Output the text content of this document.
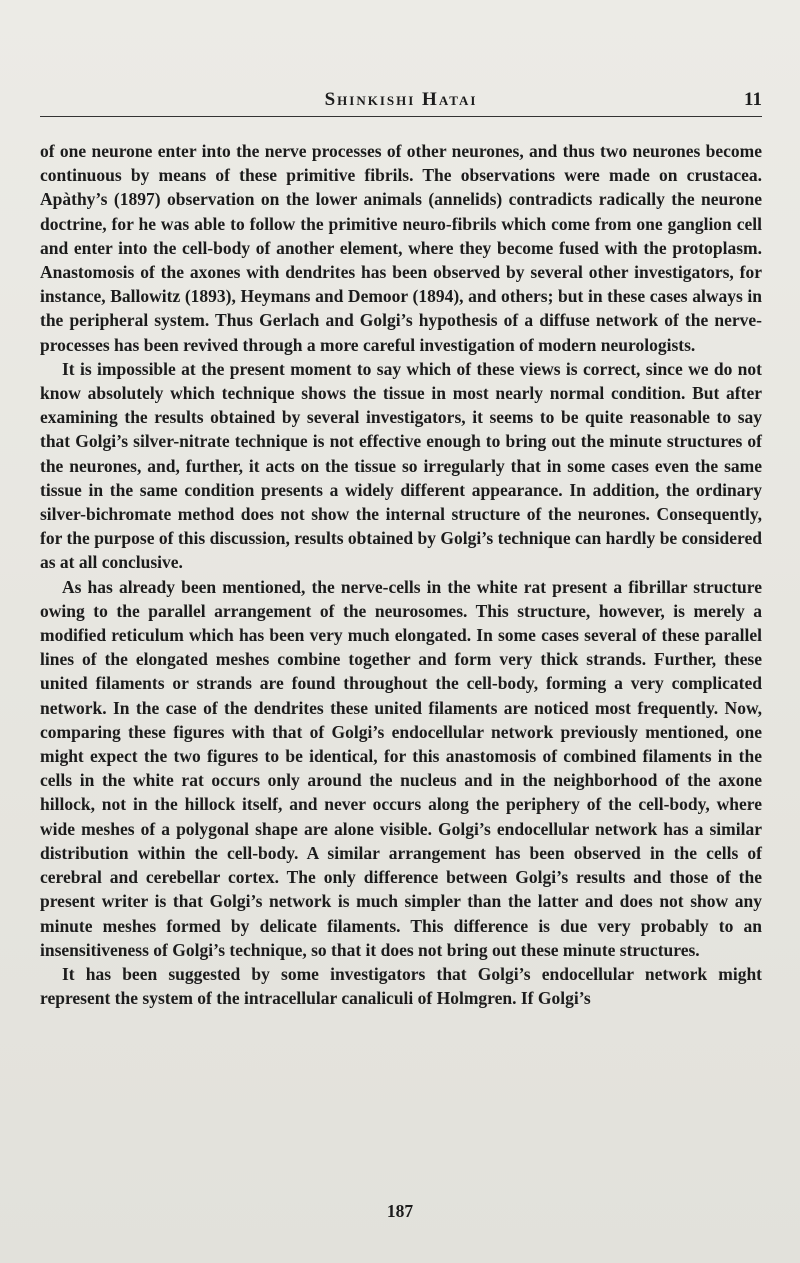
Shinkishi Hatai	11

of one neurone enter into the nerve processes of other neurones, and thus two neurones become continuous by means of these primitive fibrils. The observations were made on crustacea. Apàthy’s (1897) observation on the lower animals (annelids) contradicts radically the neurone doctrine, for he was able to follow the primitive neuro-fibrils which come from one ganglion cell and enter into the cell-body of another element, where they become fused with the protoplasm. Anastomosis of the axones with dendrites has been observed by several other investigators, for instance, Ballowitz (1893), Heymans and Demoor (1894), and others; but in these cases always in the peripheral system. Thus Gerlach and Golgi’s hypothesis of a diffuse network of the nerve-processes has been revived through a more careful investigation of modern neurologists.

It is impossible at the present moment to say which of these views is correct, since we do not know absolutely which technique shows the tissue in most nearly normal condition. But after examining the results obtained by several investigators, it seems to be quite reasonable to say that Golgi’s silver-nitrate technique is not effective enough to bring out the minute structures of the neurones, and, further, it acts on the tissue so irregularly that in some cases even the same tissue in the same condition presents a widely different appearance. In addition, the ordinary silver-bichromate method does not show the internal structure of the neurones. Consequently, for the purpose of this discussion, results obtained by Golgi’s technique can hardly be considered as at all conclusive.

As has already been mentioned, the nerve-cells in the white rat present a fibrillar structure owing to the parallel arrangement of the neurosomes. This structure, however, is merely a modified reticulum which has been very much elongated. In some cases several of these parallel lines of the elongated meshes combine together and form very thick strands. Further, these united filaments or strands are found throughout the cell-body, forming a very complicated network. In the case of the dendrites these united filaments are noticed most frequently. Now, comparing these figures with that of Golgi’s endocellular network previously mentioned, one might expect the two figures to be identical, for this anastomosis of combined filaments in the cells in the white rat occurs only around the nucleus and in the neighborhood of the axone hillock, not in the hillock itself, and never occurs along the periphery of the cell-body, where wide meshes of a polygonal shape are alone visible. Golgi’s endocellular network has a similar distribution within the cell-body. A similar arrangement has been observed in the cells of cerebral and cerebellar cortex. The only difference between Golgi’s results and those of the present writer is that Golgi’s network is much simpler than the latter and does not show any minute meshes formed by delicate filaments. This difference is due very probably to an insensitiveness of Golgi’s technique, so that it does not bring out these minute structures.

It has been suggested by some investigators that Golgi’s endocellular network might represent the system of the intracellular canaliculi of Holmgren. If Golgi’s

187
